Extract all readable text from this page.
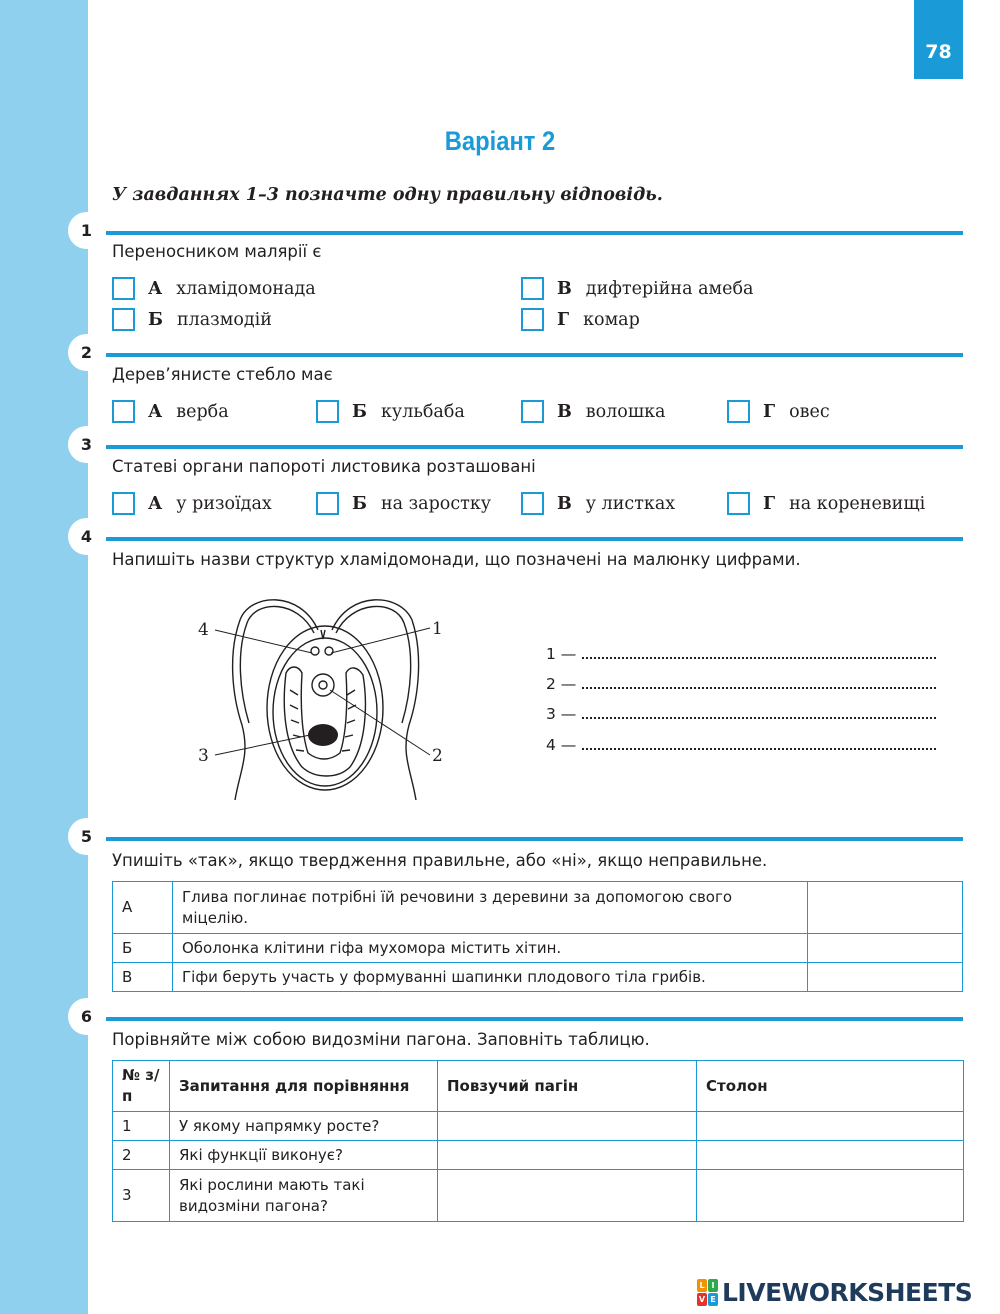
78
Варіант 2
У завданнях 1–3 позначте одну правильну відповідь.
1
Переносником малярії є
А хламідомонада
Б плазмодій
В дифтерійна амеба
Г комар
2
Дерев’янисте стебло має
А верба	Б кульбаба	В волошка	Г овес
3
Статеві органи папороті листовика розташовані
А у ризоїдах	Б на заростку	В у листках	Г на кореневищі
4
Напишіть назви структур хламідомонади, що позначені на малюнку цифрами.
4	1
3	2
1 —
2 —
3 —
4 —
5
Упишіть «так», якщо твердження правильне, або «ні», якщо неправильне.
А	Глива поглинає потрібні їй речовини з деревини за допомогою свого міцелію.	
Б	Оболонка клітини гіфа мухомора містить хітин.	
В	Гіфи беруть участь у формуванні шапинки плодового тіла грибів.	
6
Порівняйте між собою видозміни пагона. Заповніть таблицю.
№ з/п	Запитання для порівняння	Повзучий пагін	Столон
1	У якому напрямку росте?		
2	Які функції виконує?		
3	Які рослини мають такі видозміни пагона?		
L I
V E LIVEWORKSHEETS
